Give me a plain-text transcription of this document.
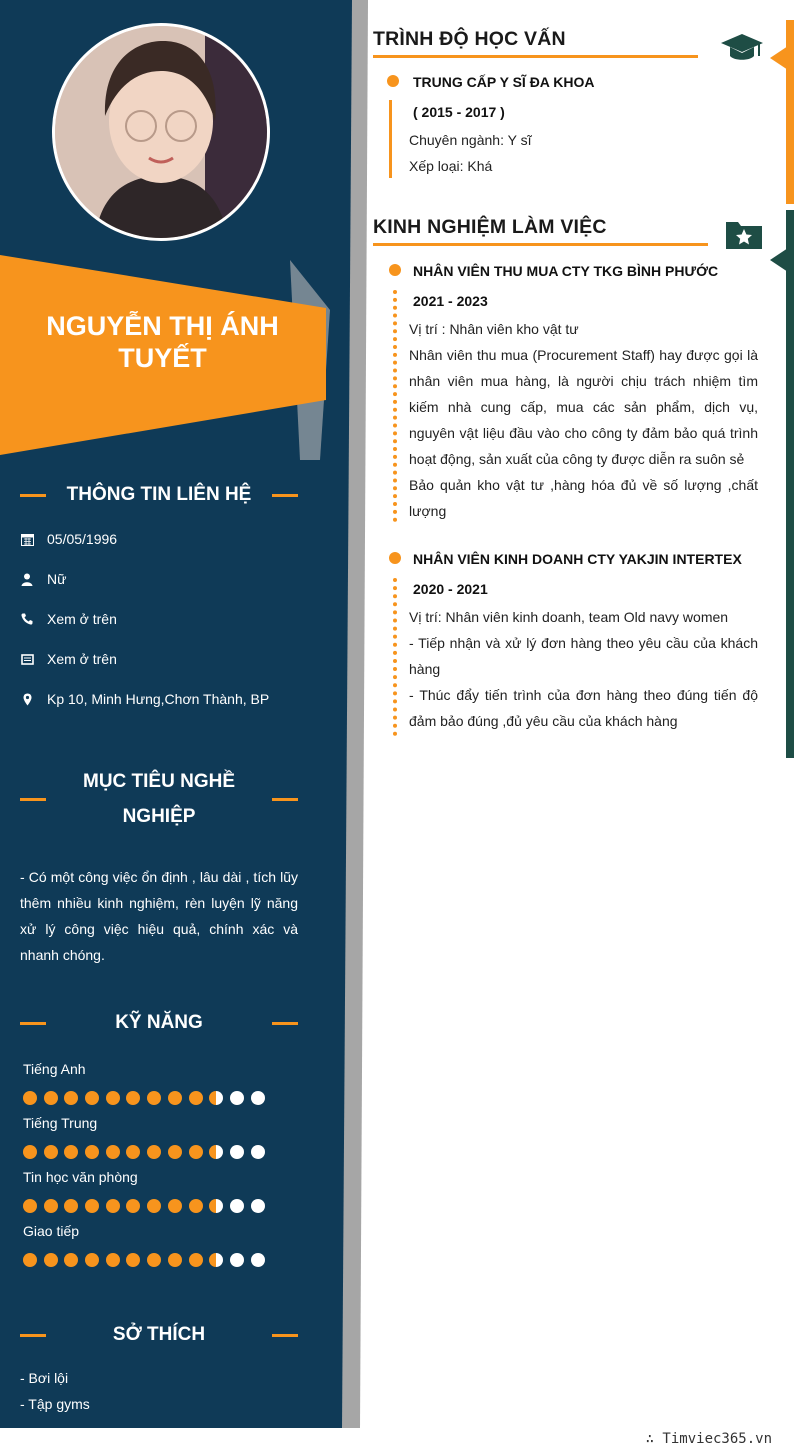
NGUYỄN THỊ ÁNH
TUYẾT
THÔNG TIN LIÊN HỆ
05/05/1996
Nữ
Xem ở trên
Xem ở trên
Kp 10, Minh Hưng,Chơn Thành, BP
MỤC TIÊU NGHỀ
NGHIỆP
- Có một công việc ổn định , lâu dài , tích lũy thêm nhiều kinh nghiệm, rèn luyện lỹ năng xử lý công việc hiệu quả, chính xác và nhanh chóng.
KỸ NĂNG
Tiếng Anh
Tiếng Trung
Tin học văn phòng
Giao tiếp
SỞ THÍCH
- Bơi lội
- Tập gyms
TRÌNH ĐỘ HỌC VẤN
TRUNG CẤP Y SĨ ĐA KHOA
( 2015 - 2017 )
Chuyên ngành: Y sĩ
Xếp loại: Khá
KINH NGHIỆM LÀM VIỆC
NHÂN VIÊN THU MUA CTY TKG BÌNH PHƯỚC
2021 - 2023
Vị trí : Nhân viên kho vật tư
Nhân viên thu mua (Procurement Staff) hay được gọi là nhân viên mua hàng, là người chịu trách nhiệm tìm kiếm nhà cung cấp, mua các sản phẩm, dịch vụ, nguyên vật liệu đầu vào cho công ty đảm bảo quá trình hoạt động, sản xuất của công ty được diễn ra suôn sẻ
Bảo quản kho vật tư ,hàng hóa đủ về số lượng ,chất lượng
NHÂN VIÊN KINH DOANH CTY YAKJIN INTERTEX
2020 - 2021
Vị trí: Nhân viên kinh doanh, team Old navy women
- Tiếp nhận và xử lý đơn hàng theo yêu cầu của khách hàng
- Thúc đẩy tiến trình của đơn hàng theo đúng tiến độ đảm bảo đúng ,đủ yêu cầu của khách hàng
∴ Timviec365.vn
